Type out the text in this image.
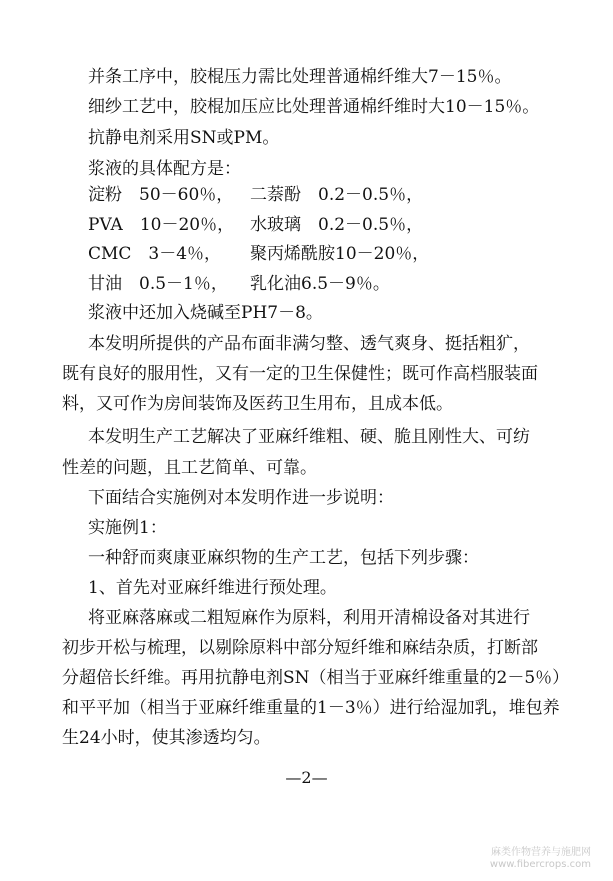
并条工序中，胶棍压力需比处理普通棉纤维大7－15％。
细纱工艺中，胶棍加压应比处理普通棉纤维时大10－15％。
抗静电剂采用SN或PM。
浆液的具体配方是：
淀粉　50－60％， 二萘酚　0.2－0.5％，
PVA　10－20％， 水玻璃　0.2－0.5％，
CMC　3－4％， 聚丙烯酰胺10－20％，
甘油　0.5－1％， 乳化油6.5－9％。
浆液中还加入烧碱至PH7－8。
本发明所提供的产品布面非满匀整、透气爽身、挺括粗犷，
既有良好的服用性，又有一定的卫生保健性；既可作高档服装面
料，又可作为房间装饰及医药卫生用布，且成本低。
本发明生产工艺解决了亚麻纤维粗、硬、脆且刚性大、可纺
性差的问题，且工艺简单、可靠。
下面结合实施例对本发明作进一步说明：
实施例1：
一种舒而爽康亚麻织物的生产工艺，包括下列步骤：
1、首先对亚麻纤维进行预处理。
将亚麻落麻或二粗短麻作为原料，利用开清棉设备对其进行
初步开松与梳理，以剔除原料中部分短纤维和麻结杂质，打断部
分超倍长纤维。再用抗静电剂SN（相当于亚麻纤维重量的2－5％）
和平平加（相当于亚麻纤维重量的1－3％）进行给湿加乳，堆包养
生24小时，使其渗透均匀。
—2—
麻类作物营养与施肥网
www.fibercrops.com
